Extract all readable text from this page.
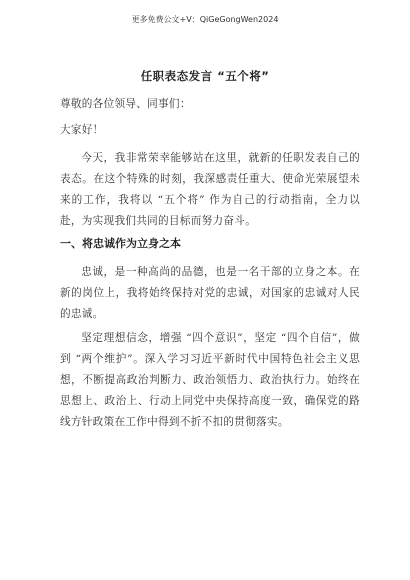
更多免费公文+V：QiGeGongWen2024
任职表态发言 “五个将”
尊敬的各位领导、同事们：
大家好！
今天，我非常荣幸能够站在这里，就新的任职发表自己的表态。在这个特殊的时刻，我深感责任重大、使命光荣展望未来的工作，我将以 “五个将” 作为自己的行动指南，全力以赴，为实现我们共同的目标而努力奋斗。
一、将忠诚作为立身之本
忠诚，是一种高尚的品德，也是一名干部的立身之本。在新的岗位上，我将始终保持对党的忠诚，对国家的忠诚对人民的忠诚。
坚定理想信念，增强 “四个意识”，坚定 “四个自信”，做到 “两个维护”。深入学习习近平新时代中国特色社会主义思想，不断提高政治判断力、政治领悟力、政治执行力。始终在思想上、政治上、行动上同党中央保持高度一致，确保党的路线方针政策在工作中得到不折不扣的贯彻落实。
